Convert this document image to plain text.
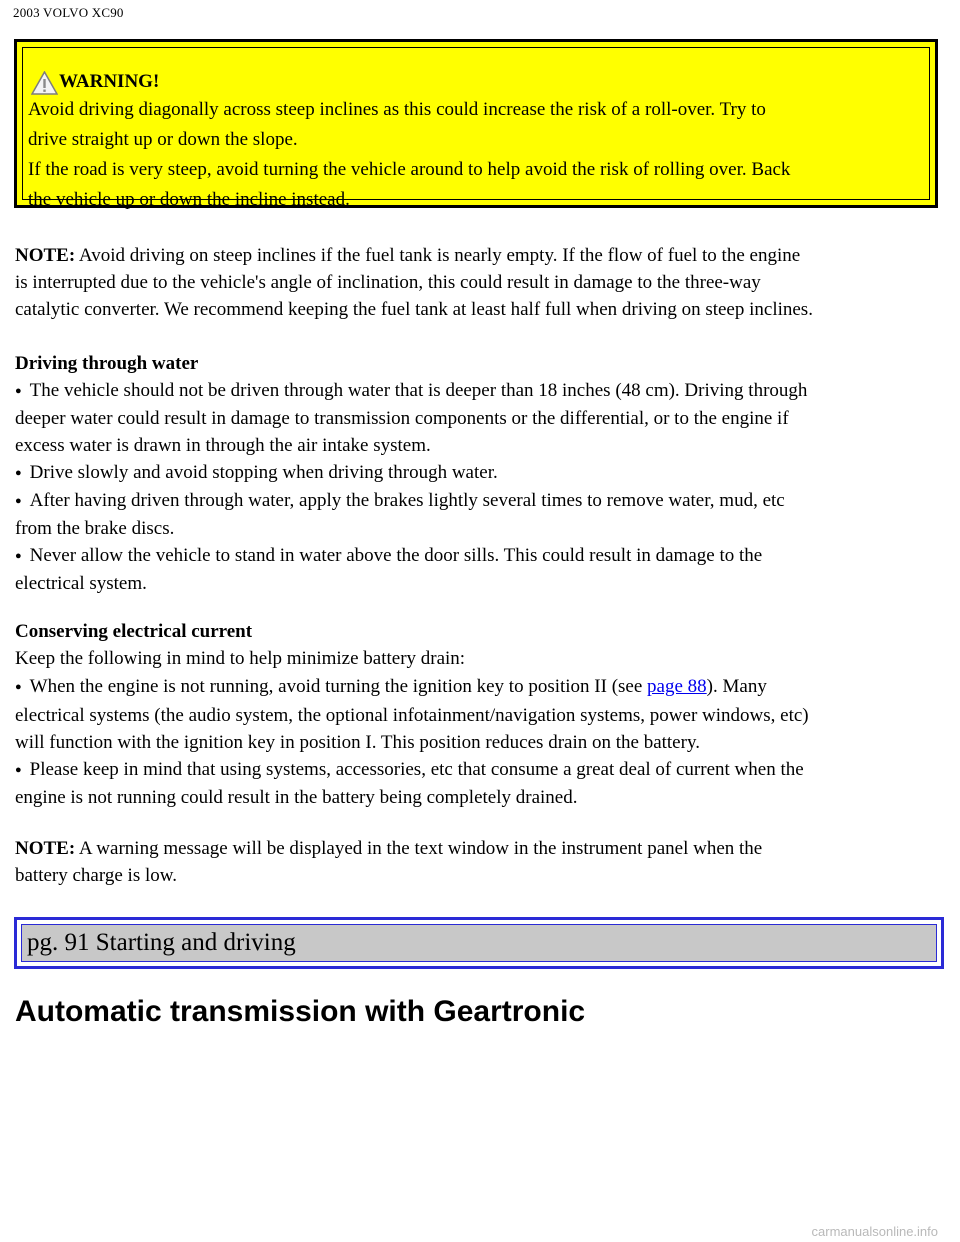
2003 VOLVO XC90
WARNING!
Avoid driving diagonally across steep inclines as this could increase the risk of a roll-over. Try to
drive straight up or down the slope.
If the road is very steep, avoid turning the vehicle around to help avoid the risk of rolling over. Back
the vehicle up or down the incline instead.
NOTE: Avoid driving on steep inclines if the fuel tank is nearly empty. If the flow of fuel to the engine
is interrupted due to the vehicle's angle of inclination, this could result in damage to the three-way
catalytic converter. We recommend keeping the fuel tank at least half full when driving on steep inclines.
Driving through water
● The vehicle should not be driven through water that is deeper than 18 inches (48 cm). Driving through
deeper water could result in damage to transmission components or the differential, or to the engine if
excess water is drawn in through the air intake system.
● Drive slowly and avoid stopping when driving through water.
● After having driven through water, apply the brakes lightly several times to remove water, mud, etc
from the brake discs.
● Never allow the vehicle to stand in water above the door sills. This could result in damage to the
electrical system.
Conserving electrical current
Keep the following in mind to help minimize battery drain:
● When the engine is not running, avoid turning the ignition key to position II (see page 88). Many
electrical systems (the audio system, the optional infotainment/navigation systems, power windows, etc)
will function with the ignition key in position I. This position reduces drain on the battery.
● Please keep in mind that using systems, accessories, etc that consume a great deal of current when the
engine is not running could result in the battery being completely drained.
NOTE: A warning message will be displayed in the text window in the instrument panel when the
battery charge is low.
pg. 91 Starting and driving
Automatic transmission with Geartronic
carmanualsonline.info
